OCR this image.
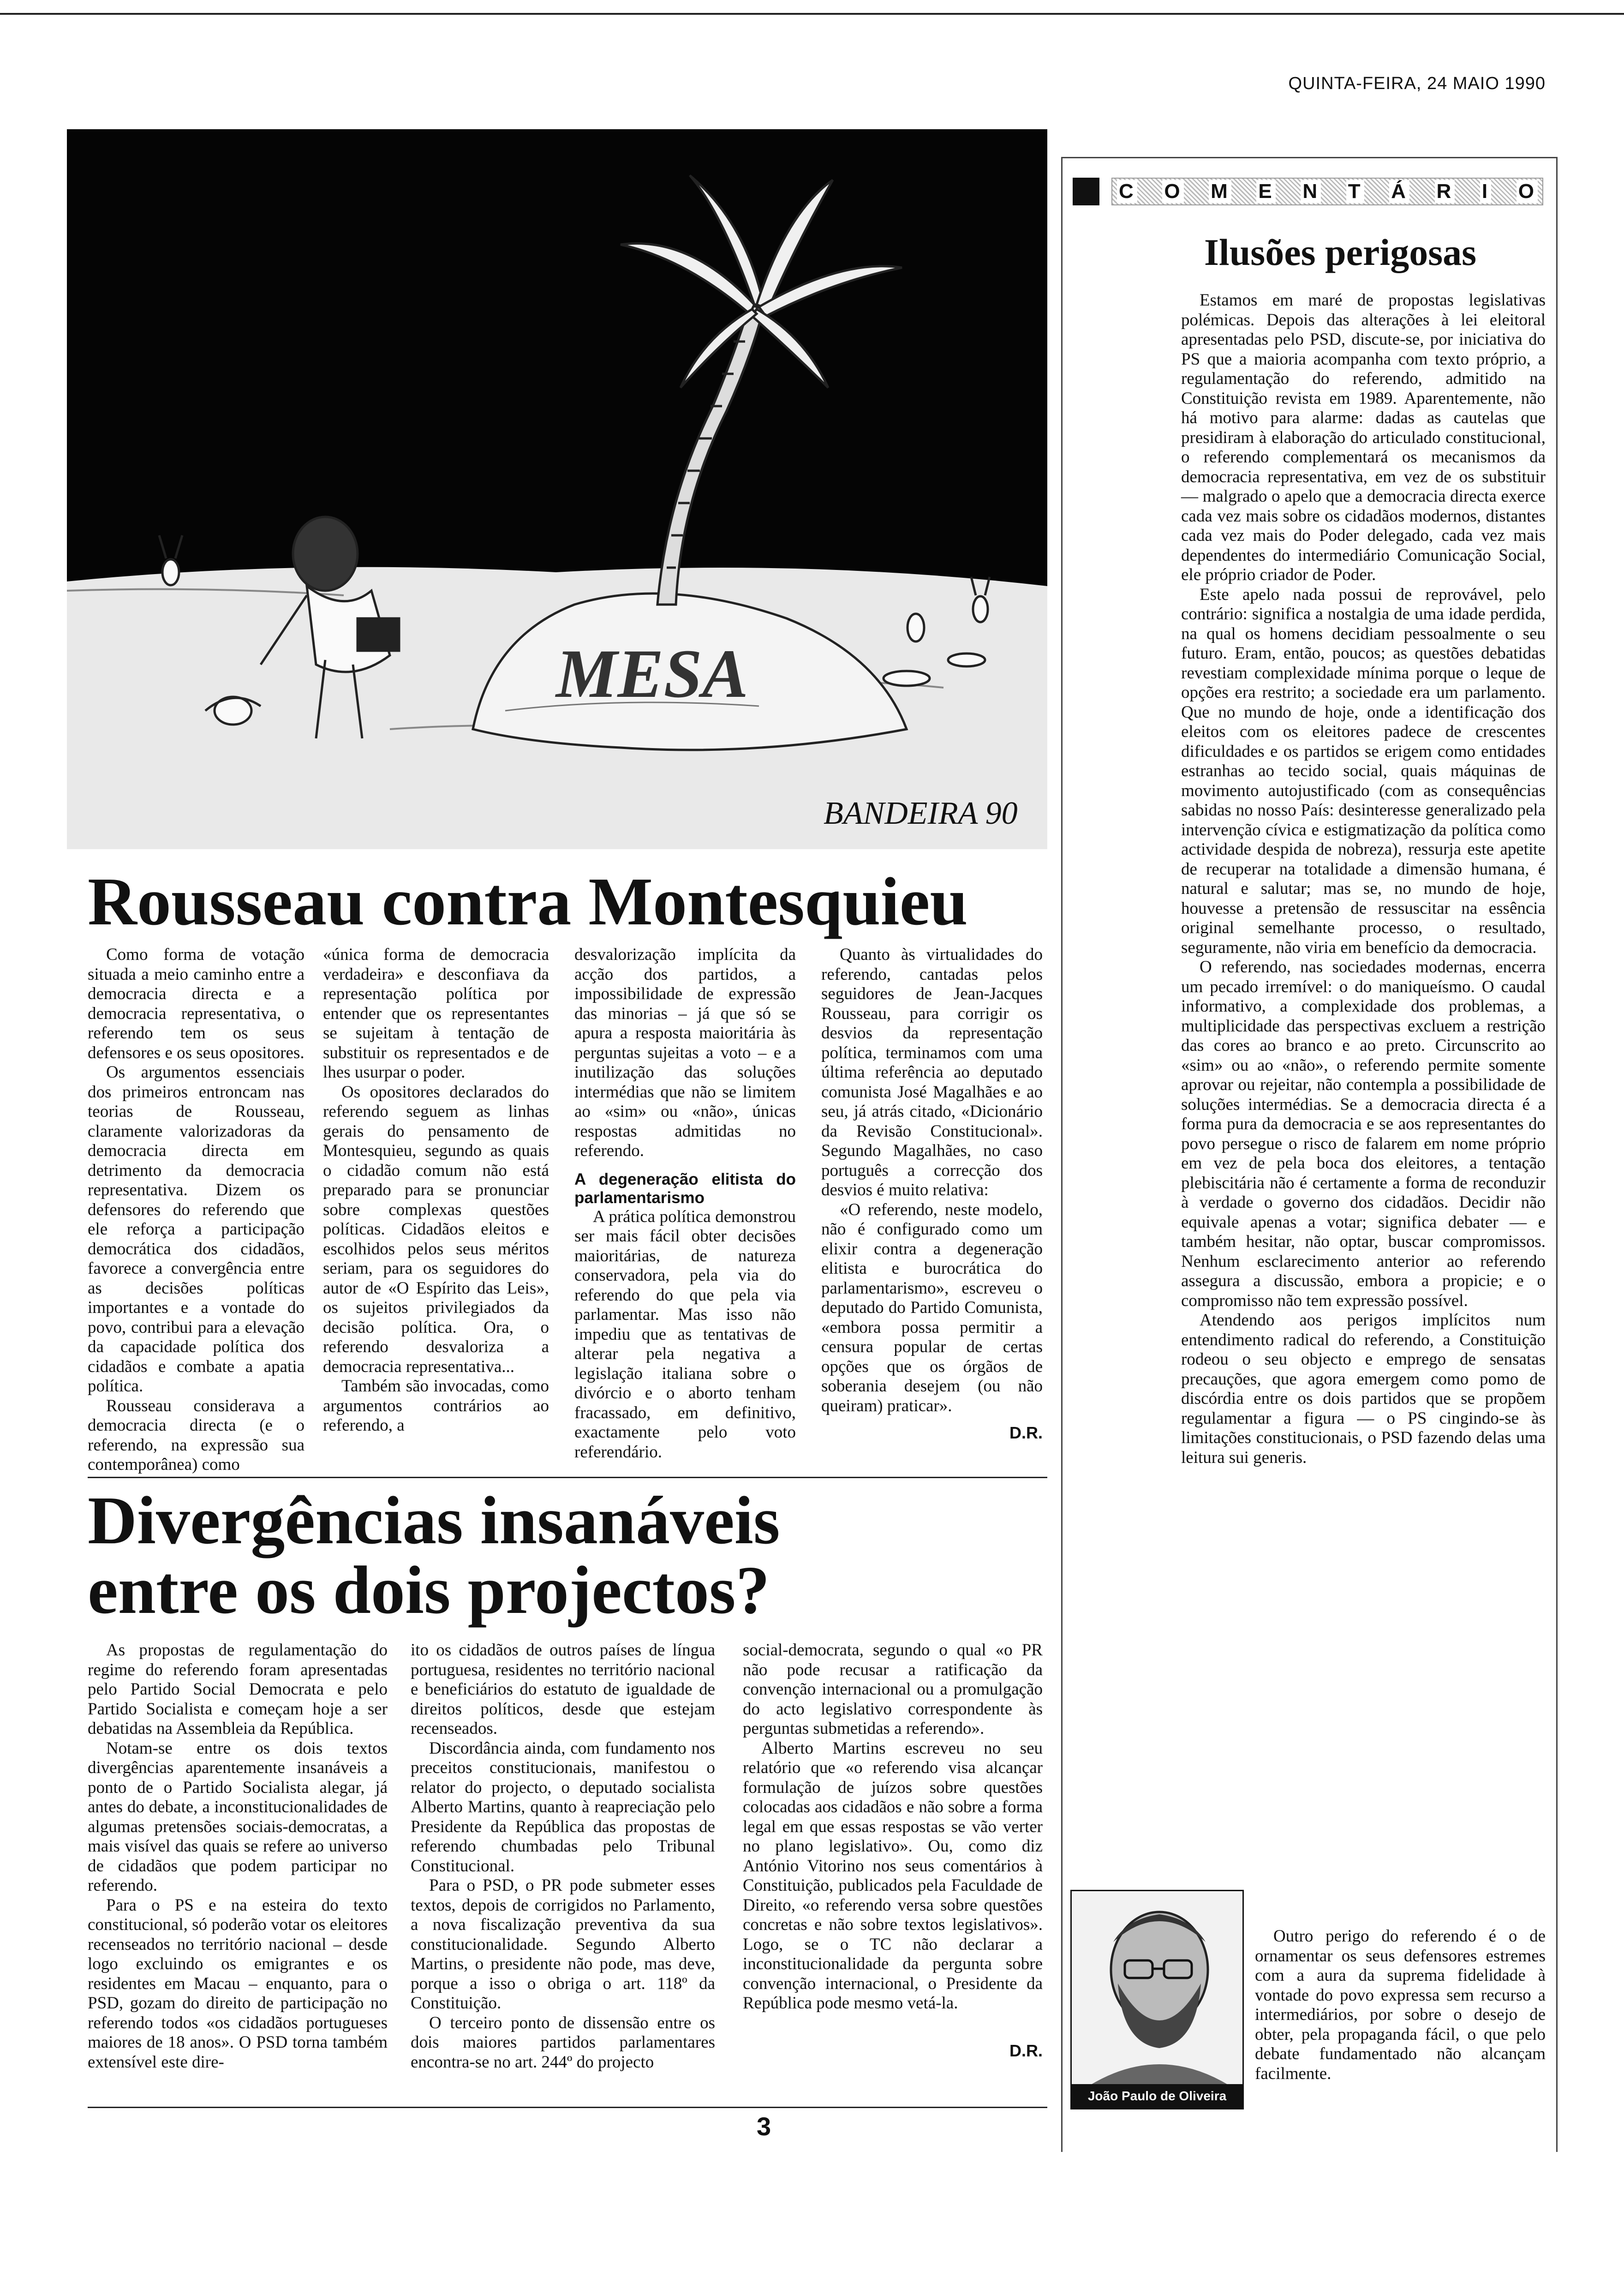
QUINTA-FEIRA, 24 MAIO 1990
MESA
BANDEIRA 90
Rousseau contra Montesquieu

Como forma de votação situada a meio caminho entre a democracia directa e a democracia representativa, o referendo tem os seus defensores e os seus opositores.

Os argumentos essenciais dos primeiros entroncam nas teorias de Rousseau, claramente valorizadoras da democracia directa em detrimento da democracia representativa. Dizem os defensores do referendo que ele reforça a participação democrática dos cidadãos, favorece a convergência entre as decisões políticas importantes e a vontade do povo, contribui para a elevação da capacidade política dos cidadãos e combate a apatia política.

Rousseau considerava a democracia directa (e o referendo, na expressão sua contemporânea) como

«única forma de democracia verdadeira» e desconfiava da representação política por entender que os representantes se sujeitam à tentação de substituir os representados e de lhes usurpar o poder.

Os opositores declarados do referendo seguem as linhas gerais do pensamento de Montesquieu, segundo as quais o cidadão comum não está preparado para se pronunciar sobre complexas questões políticas. Cidadãos eleitos e escolhidos pelos seus méritos seriam, para os seguidores do autor de «O Espírito das Leis», os sujeitos privilegiados da decisão política. Ora, o referendo desvaloriza a democracia representativa...

Também são invocadas, como argumentos contrários ao referendo, a

desvalorização implícita da acção dos partidos, a impossibilidade de expressão das minorias – já que só se apura a resposta maioritária às perguntas sujeitas a voto – e a inutilização das soluções intermédias que não se limitem ao «sim» ou «não», únicas respostas admitidas no referendo.

A degeneração elitista do parlamentarismo

A prática política demonstrou ser mais fácil obter decisões maioritárias, de natureza conservadora, pela via do referendo do que pela via parlamentar. Mas isso não impediu que as tentativas de alterar pela negativa a legislação italiana sobre o divórcio e o aborto tenham fracassado, em definitivo, exactamente pelo voto referendário.

Quanto às virtualidades do referendo, cantadas pelos seguidores de Jean-Jacques Rousseau, para corrigir os desvios da representação política, terminamos com uma última referência ao deputado comunista José Magalhães e ao seu, já atrás citado, «Dicionário da Revisão Constitucional». Segundo Magalhães, no caso português a correcção dos desvios é muito relativa:

«O referendo, neste modelo, não é configurado como um elixir contra a degeneração elitista e burocrática do parlamentarismo», escreveu o deputado do Partido Comunista, «embora possa permitir a censura popular de certas opções que os órgãos de soberania desejem (ou não queiram) praticar».

D.R.
Divergências insanáveis
entre os dois projectos?

As propostas de regulamentação do regime do referendo foram apresentadas pelo Partido Social Democrata e pelo Partido Socialista e começam hoje a ser debatidas na Assembleia da República.

Notam-se entre os dois textos divergências aparentemente insanáveis a ponto de o Partido Socialista alegar, já antes do debate, a inconstitucionalidades de algumas pretensões sociais-democratas, a mais visível das quais se refere ao universo de cidadãos que podem participar no referendo.

Para o PS e na esteira do texto constitucional, só poderão votar os eleitores recenseados no território nacional – desde logo excluindo os emigrantes e os residentes em Macau – enquanto, para o PSD, gozam do direito de participação no referendo todos «os cidadãos portugueses maiores de 18 anos». O PSD torna também extensível este dire-

ito os cidadãos de outros países de língua portuguesa, residentes no território nacional e beneficiários do estatuto de igualdade de direitos políticos, desde que estejam recenseados.

Discordância ainda, com fundamento nos preceitos constitucionais, manifestou o relator do projecto, o deputado socialista Alberto Martins, quanto à reapreciação pelo Presidente da República das propostas de referendo chumbadas pelo Tribunal Constitucional.

Para o PSD, o PR pode submeter esses textos, depois de corrigidos no Parlamento, a nova fiscalização preventiva da sua constitucionalidade. Segundo Alberto Martins, o presidente não pode, mas deve, porque a isso o obriga o art. 118º da Constituição.

O terceiro ponto de dissensão entre os dois maiores partidos parlamentares encontra-se no art. 244º do projecto

social-democrata, segundo o qual «o PR não pode recusar a ratificação da convenção internacional ou a promulgação do acto legislativo correspondente às perguntas submetidas a referendo».

Alberto Martins escreveu no seu relatório que «o referendo visa alcançar formulação de juízos sobre questões colocadas aos cidadãos e não sobre a forma legal em que essas respostas se vão verter no plano legislativo». Ou, como diz António Vitorino nos seus comentários à Constituição, publicados pela Faculdade de Direito, «o referendo versa sobre questões concretas e não sobre textos legislativos». Logo, se o TC não declarar a inconstitucionalidade da pergunta sobre convenção internacional, o Presidente da República pode mesmo vetá-la.

D.R.
C O M E N T Á R I O
Ilusões perigosas

Estamos em maré de propostas legislativas polémicas. Depois das alterações à lei eleitoral apresentadas pelo PSD, discute-se, por iniciativa do PS que a maioria acompanha com texto próprio, a regulamentação do referendo, admitido na Constituição revista em 1989. Aparentemente, não há motivo para alarme: dadas as cautelas que presidiram à elaboração do articulado constitucional, o referendo complementará os mecanismos da democracia representativa, em vez de os substituir — malgrado o apelo que a democracia directa exerce cada vez mais sobre os cidadãos modernos, distantes cada vez mais do Poder delegado, cada vez mais dependentes do intermediário Comunicação Social, ele próprio criador de Poder.

Este apelo nada possui de reprovável, pelo contrário: significa a nostalgia de uma idade perdida, na qual os homens decidiam pessoalmente o seu futuro. Eram, então, poucos; as questões debatidas revestiam complexidade mínima porque o leque de opções era restrito; a sociedade era um parlamento. Que no mundo de hoje, onde a identificação dos eleitos com os eleitores padece de crescentes dificuldades e os partidos se erigem como entidades estranhas ao tecido social, quais máquinas de movimento autojustificado (com as consequências sabidas no nosso País: desinteresse generalizado pela intervenção cívica e estigmatização da política como actividade despida de nobreza), ressurja este apetite de recuperar na totalidade a dimensão humana, é natural e salutar; mas se, no mundo de hoje, houvesse a pretensão de ressuscitar na essência original semelhante processo, o resultado, seguramente, não viria em benefício da democracia.

O referendo, nas sociedades modernas, encerra um pecado irremível: o do maniqueísmo. O caudal informativo, a complexidade dos problemas, a multiplicidade das perspectivas excluem a restrição das cores ao branco e ao preto. Circunscrito ao «sim» ou ao «não», o referendo permite somente aprovar ou rejeitar, não contempla a possibilidade de soluções intermédias. Se a democracia directa é a forma pura da democracia e se aos representantes do povo persegue o risco de falarem em nome próprio em vez de pela boca dos eleitores, a tentação plebiscitária não é certamente a forma de reconduzir à verdade o governo dos cidadãos. Decidir não equivale apenas a votar; significa debater — e também hesitar, não optar, buscar compromissos. Nenhum esclarecimento anterior ao referendo assegura a discussão, embora a propicie; e o compromisso não tem expressão possível.

Atendendo aos perigos implícitos num entendimento radical do referendo, a Constituição rodeou o seu objecto e emprego de sensatas precauções, que agora emergem como pomo de discórdia entre os dois partidos que se propõem regulamentar a figura — o PS cingindo-se às limitações constitucionais, o PSD fazendo delas uma leitura sui generis.

Outro perigo do referendo é o de ornamentar os seus defensores estremes com a aura da suprema fidelidade à vontade do povo expressa sem recurso a intermediários, por sobre o desejo de obter, pela propaganda fácil, o que pelo debate fundamentado não alcançam facilmente.

João Paulo de Oliveira
3
